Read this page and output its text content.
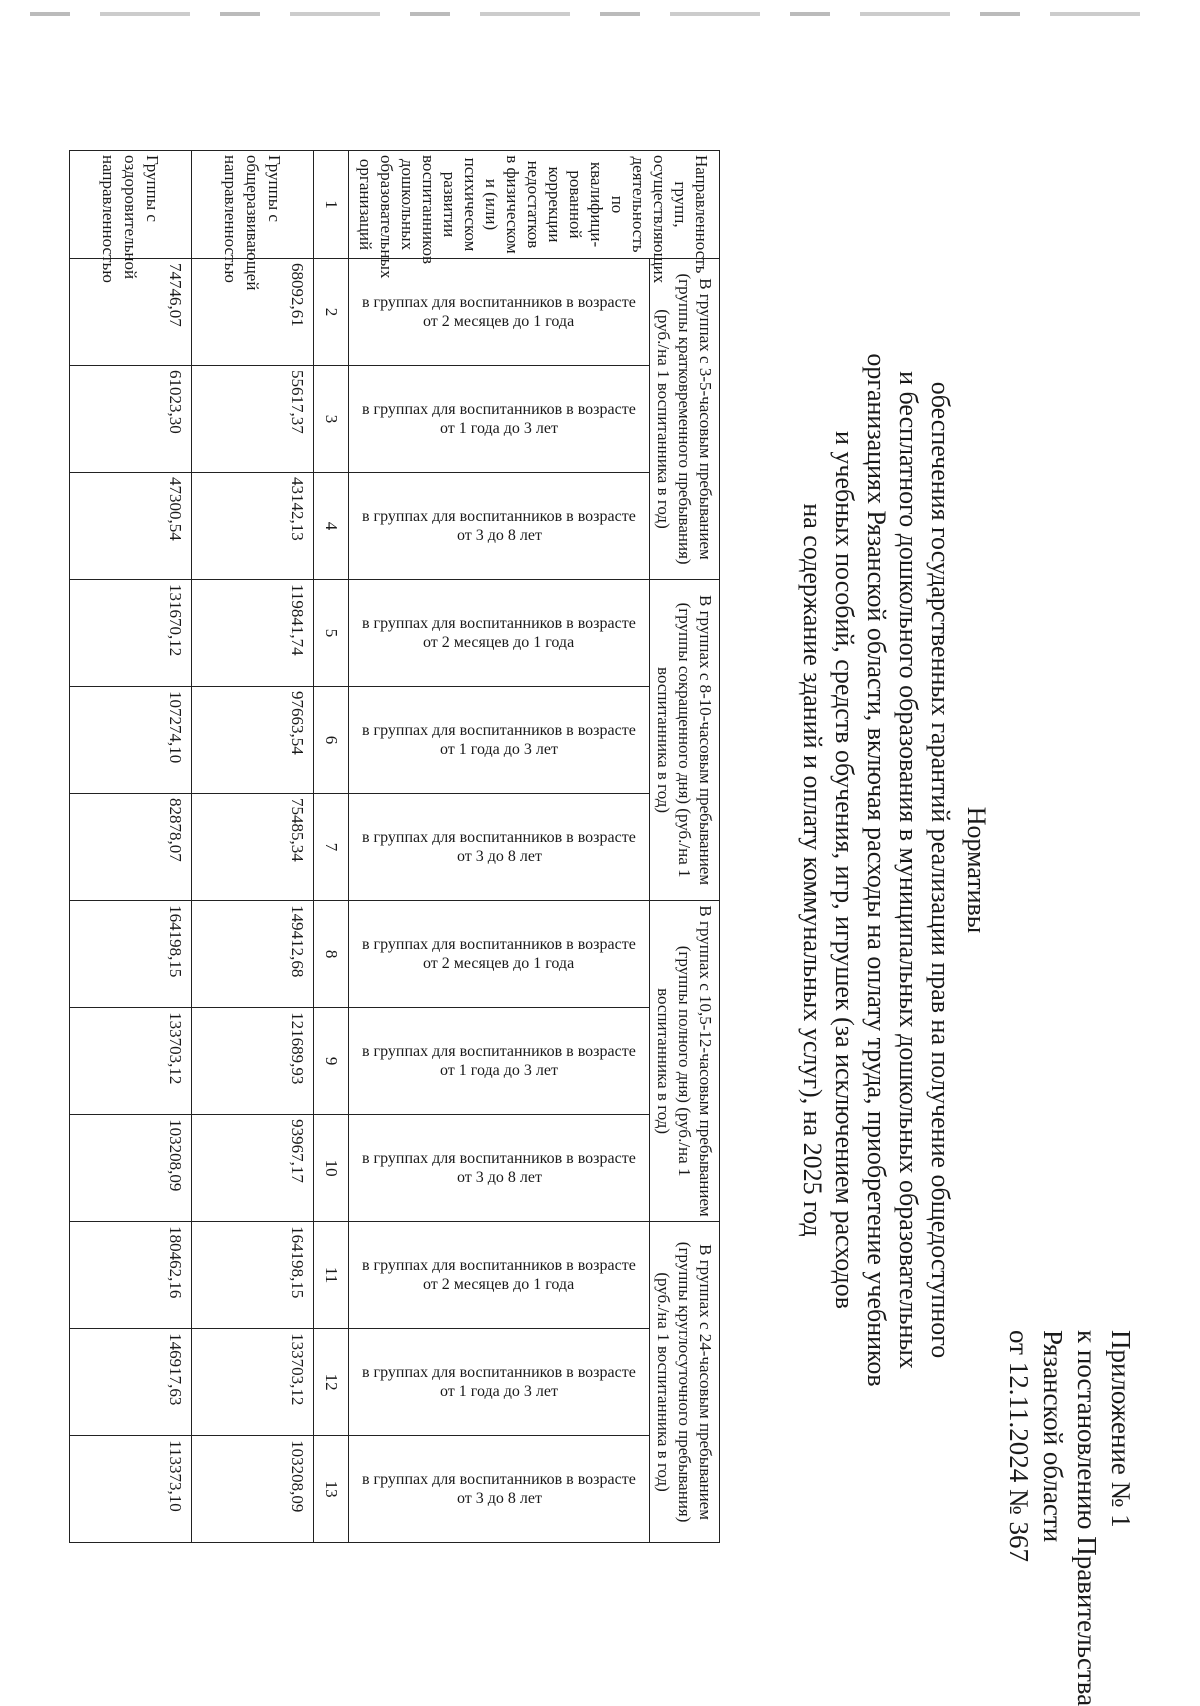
Приложение № 1
к постановлению Правительства
Рязанской области
от 12.11.2024 № 367
Нормативы
обеспечения государственных гарантий реализации прав на получение общедоступного
и бесплатного дошкольного образования в муниципальных дошкольных образовательных
организациях Рязанской области, включая расходы на оплату труда, приобретение учебников
и учебных пособий, средств обучения, игр, игрушек (за исключением расходов
на содержание зданий и оплату коммунальных услуг), на 2025 год
Направленность групп, осуществляющих деятельность по квалифици-рованной коррекции недостатков в физическом и (или) психическом развитии воспитанников дошкольных образовательных организаций	В группах с 3-5-часовым пребыванием (группы кратковременного пребывания) (руб./на 1 воспитанника в год)			В группах с 8-10-часовым пребыванием (группы сокращенного дня) (руб./на 1 воспитанника в год)			В группах с 10,5-12-часовым пребыванием (группы полного дня) (руб./на 1 воспитанника в год)			В группах с 24-часовым пребыванием (группы круглосуточного пребывания) (руб./на 1 воспитанника в год)		

	в группах для воспитанников в возрасте от 2 месяцев до 1 года	в группах для воспитанников в возрасте от 1 года до 3 лет	в группах для воспитанников в возрасте от 3 до 8 лет	в группах для воспитанников в возрасте от 2 месяцев до 1 года	в группах для воспитанников в возрасте от 1 года до 3 лет	в группах для воспитанников в возрасте от 3 до 8 лет	в группах для воспитанников в возрасте от 2 месяцев до 1 года	в группах для воспитанников в возрасте от 1 года до 3 лет	в группах для воспитанников в возрасте от 3 до 8 лет	в группах для воспитанников в возрасте от 2 месяцев до 1 года	в группах для воспитанников в возрасте от 1 года до 3 лет	в группах для воспитанников в возрасте от 3 до 8 лет

1	2	3	4	5	6	7	8	9	10	11	12	13
Группы с общеразвивающей направленностью	68092,61	55617,37	43142,13	119841,74	97663,54	75485,34	149412,68	121689,93	93967,17	164198,15	133703,12	103208,09
Группы с оздоровительной направленностью	74746,07	61023,30	47300,54	131670,12	107274,10	82878,07	164198,15	133703,12	103208,09	180462,16	146917,63	113373,10
